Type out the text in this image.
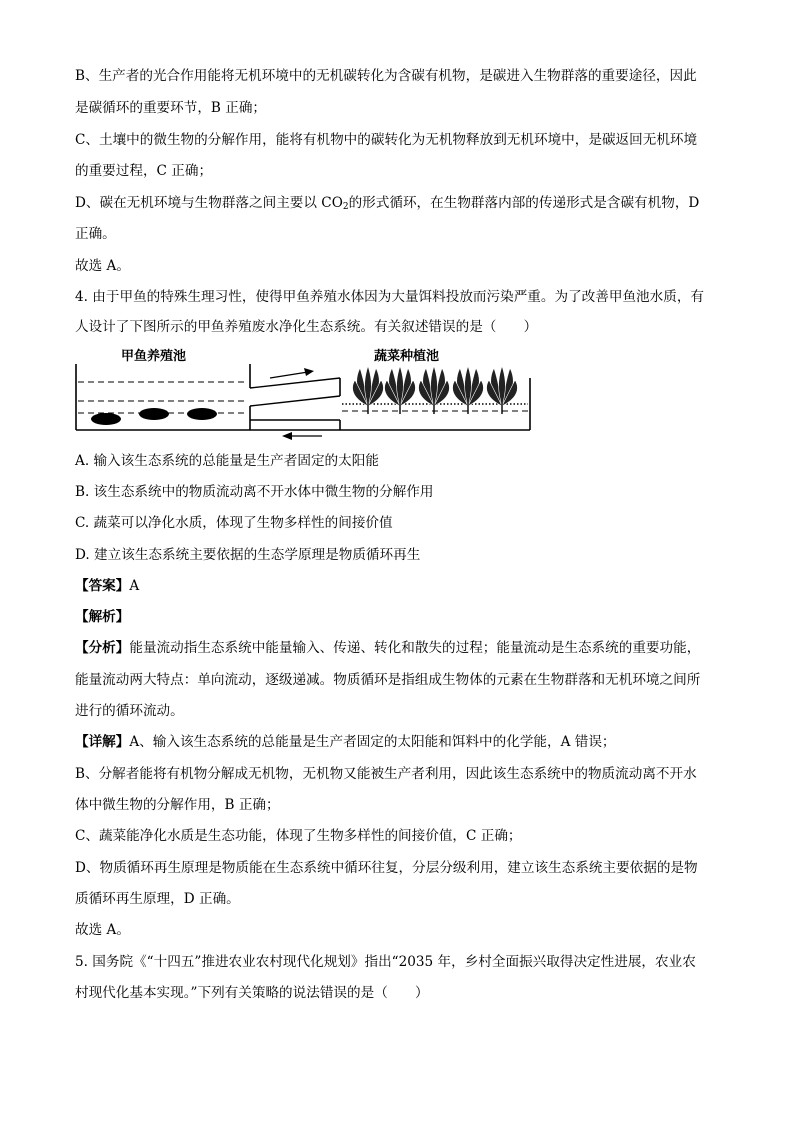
B、生产者的光合作用能将无机环境中的无机碳转化为含碳有机物，是碳进入生物群落的重要途径，因此
是碳循环的重要环节，B 正确；
C、土壤中的微生物的分解作用，能将有机物中的碳转化为无机物释放到无机环境中，是碳返回无机环境
的重要过程，C 正确；
D、碳在无机环境与生物群落之间主要以 $CO_2$的形式循环，在生物群落内部的传递形式是含碳有机物，D
正确。
故选 A。
4. 由于甲鱼的特殊生理习性，使得甲鱼养殖水体因为大量饵料投放而污染严重。为了改善甲鱼池水质，有
人设计了下图所示的甲鱼养殖废水净化生态系统。有关叙述错误的是（　　）
甲鱼养殖池	蔬菜种植池
A. 输入该生态系统的总能量是生产者固定的太阳能
B. 该生态系统中的物质流动离不开水体中微生物的分解作用
C. 蔬菜可以净化水质，体现了生物多样性的间接价值
D. 建立该生态系统主要依据的生态学原理是物质循环再生
【答案】A
【解析】
【分析】能量流动指生态系统中能量输入、传递、转化和散失的过程；能量流动是生态系统的重要功能，
能量流动两大特点：单向流动，逐级递减。物质循环是指组成生物体的元素在生物群落和无机环境之间所
进行的循环流动。
【详解】A、输入该生态系统的总能量是生产者固定的太阳能和饵料中的化学能，A 错误；
B、分解者能将有机物分解成无机物，无机物又能被生产者利用，因此该生态系统中的物质流动离不开水
体中微生物的分解作用，B 正确；
C、蔬菜能净化水质是生态功能，体现了生物多样性的间接价值，C 正确；
D、物质循环再生原理是物质能在生态系统中循环往复，分层分级利用，建立该生态系统主要依据的是物
质循环再生原理，D 正确。
故选 A。
5. 国务院《“十四五”推进农业农村现代化规划》指出“2035 年，乡村全面振兴取得决定性进展，农业农
村现代化基本实现。”下列有关策略的说法错误的是（　　）
